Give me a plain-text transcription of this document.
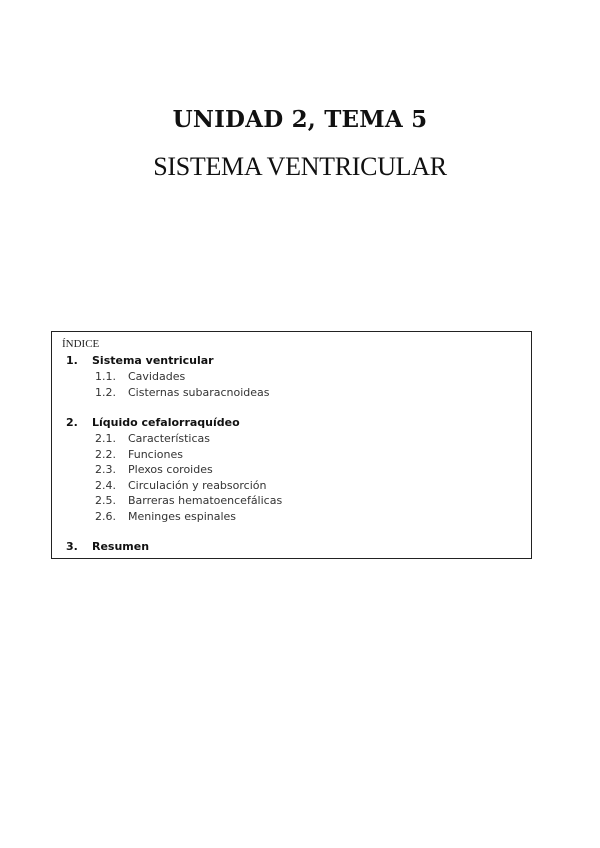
UNIDAD 2, TEMA 5
SISTEMA VENTRICULAR
ÍNDICE
1. Sistema ventricular
1.1. Cavidades
1.2. Cisternas subaracnoideas
2. Líquido cefalorraquídeo
2.1. Características
2.2. Funciones
2.3. Plexos coroides
2.4. Circulación y reabsorción
2.5. Barreras hematoencefálicas
2.6. Meninges espinales
3. Resumen
